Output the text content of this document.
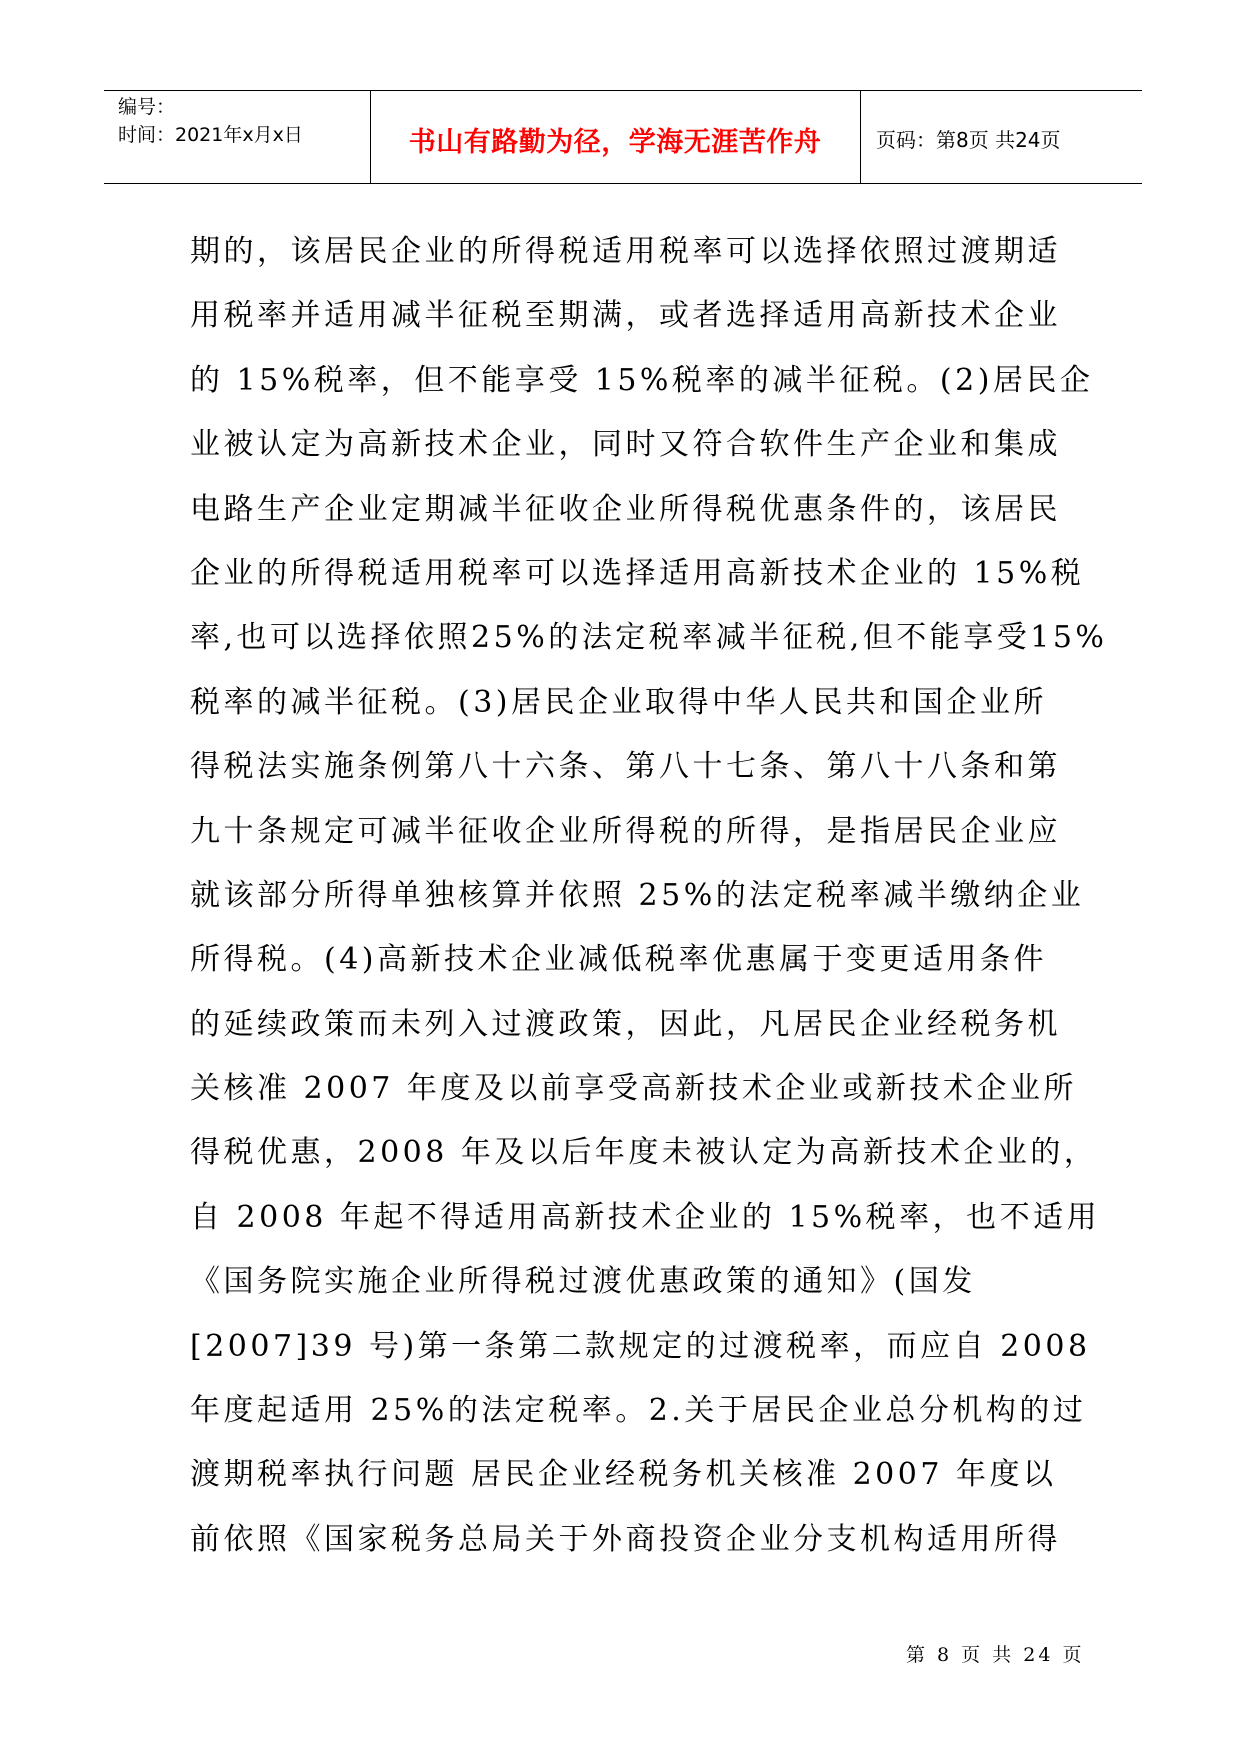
编号：
时间：2021年x月x日	书山有路勤为径，学海无涯苦作舟	页码：第8页 共24页
期的，该居民企业的所得税适用税率可以选择依照过渡期适
用税率并适用减半征税至期满，或者选择适用高新技术企业
的 15%税率，但不能享受 15%税率的减半征税。(2)居民企
业被认定为高新技术企业，同时又符合软件生产企业和集成
电路生产企业定期减半征收企业所得税优惠条件的，该居民
企业的所得税适用税率可以选择适用高新技术企业的 15%税
率,也可以选择依照25%的法定税率减半征税,但不能享受15%
税率的减半征税。(3)居民企业取得中华人民共和国企业所
得税法实施条例第八十六条、第八十七条、第八十八条和第
九十条规定可减半征收企业所得税的所得，是指居民企业应
就该部分所得单独核算并依照 25%的法定税率减半缴纳企业
所得税。(4)高新技术企业减低税率优惠属于变更适用条件
的延续政策而未列入过渡政策，因此，凡居民企业经税务机
关核准 2007 年度及以前享受高新技术企业或新技术企业所
得税优惠，2008 年及以后年度未被认定为高新技术企业的，
自 2008 年起不得适用高新技术企业的 15%税率，也不适用
《国务院实施企业所得税过渡优惠政策的通知》(国发
[2007]39 号)第一条第二款规定的过渡税率，而应自 2008
年度起适用 25%的法定税率。2.关于居民企业总分机构的过
渡期税率执行问题 居民企业经税务机关核准 2007 年度以
前依照《国家税务总局关于外商投资企业分支机构适用所得
第 8 页 共 24 页
